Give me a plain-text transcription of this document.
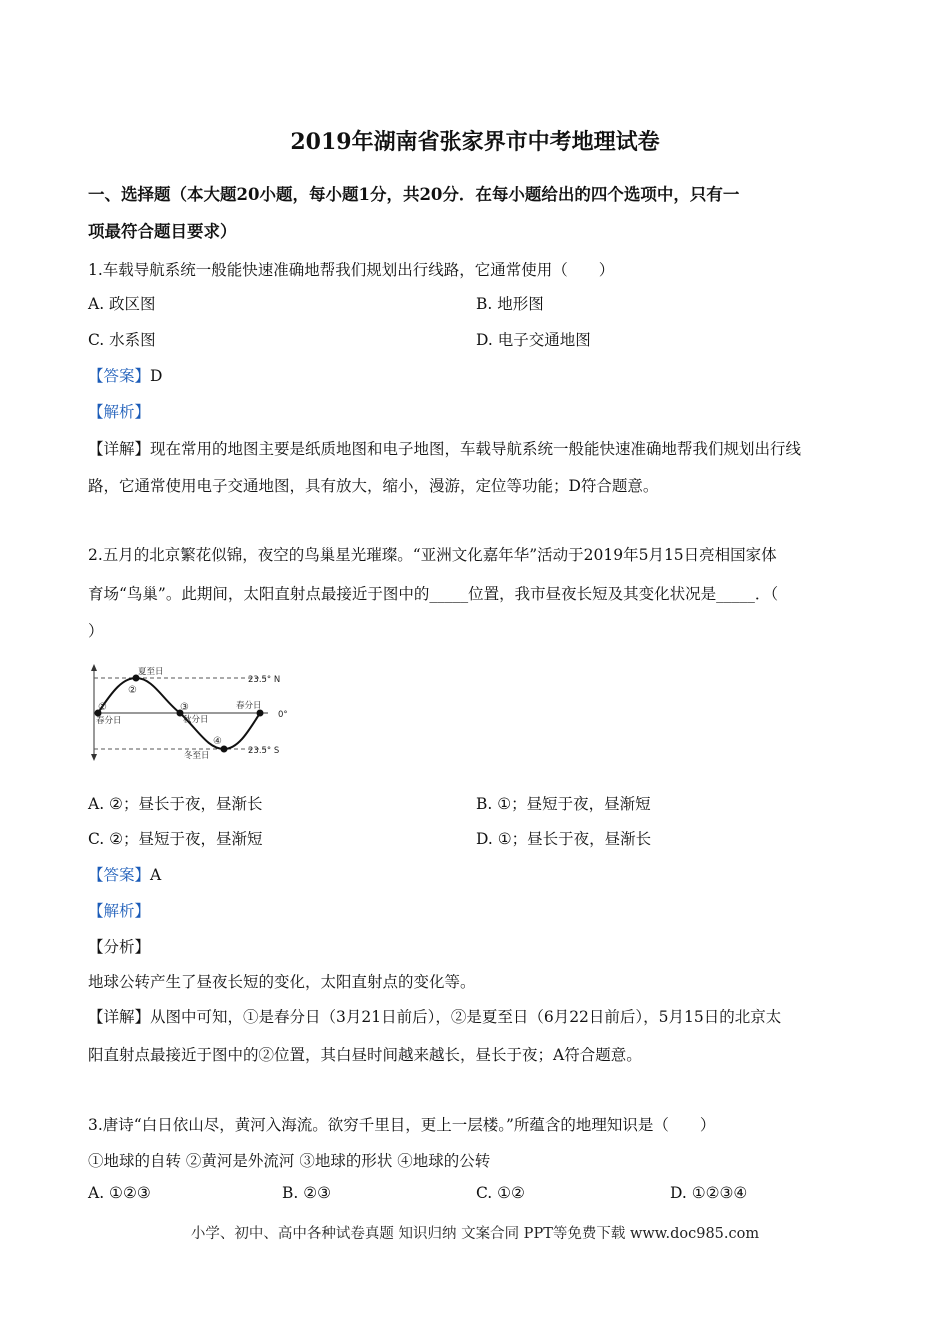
2019年湖南省张家界市中考地理试卷
一、选择题（本大题20小题，每小题1分，共20分．在每小题给出的四个选项中，只有一
项最符合题目要求）
1.车载导航系统一般能快速准确地帮我们规划出行线路，它通常使用（　　）
A. 政区图	B. 地形图
C. 水系图	D. 电子交通地图
【答案】D
【解析】
【详解】现在常用的地图主要是纸质地图和电子地图，车载导航系统一般能快速准确地帮我们规划出行线
路，它通常使用电子交通地图，具有放大，缩小，漫游，定位等功能；D符合题意。
2.五月的北京繁花似锦，夜空的鸟巢星光璀璨。“亚洲文化嘉年华”活动于2019年5月15日亮相国家体
育场“鸟巢”。此期间，太阳直射点最接近于图中的_____位置，我市昼夜长短及其变化状况是_____．（
）
夏至日
②
①
春分日
③
秋分日
春分日
④
冬至日
23.5° N
0°
23.5° S
A. ②；昼长于夜，昼渐长	B. ①；昼短于夜，昼渐短
C. ②；昼短于夜，昼渐短	D. ①；昼长于夜，昼渐长
【答案】A
【解析】
【分析】
地球公转产生了昼夜长短的变化，太阳直射点的变化等。
【详解】从图中可知，①是春分日（3月21日前后），②是夏至日（6月22日前后），5月15日的北京太
阳直射点最接近于图中的②位置，其白昼时间越来越长，昼长于夜；A符合题意。
3.唐诗“白日依山尽，黄河入海流。欲穷千里目，更上一层楼。”所蕴含的地理知识是（　　）
①地球的自转 ②黄河是外流河 ③地球的形状 ④地球的公转
A. ①②③	B. ②③	C. ①②	D. ①②③④
小学、初中、高中各种试卷真题 知识归纳 文案合同 PPT等免费下载 www.doc985.com
